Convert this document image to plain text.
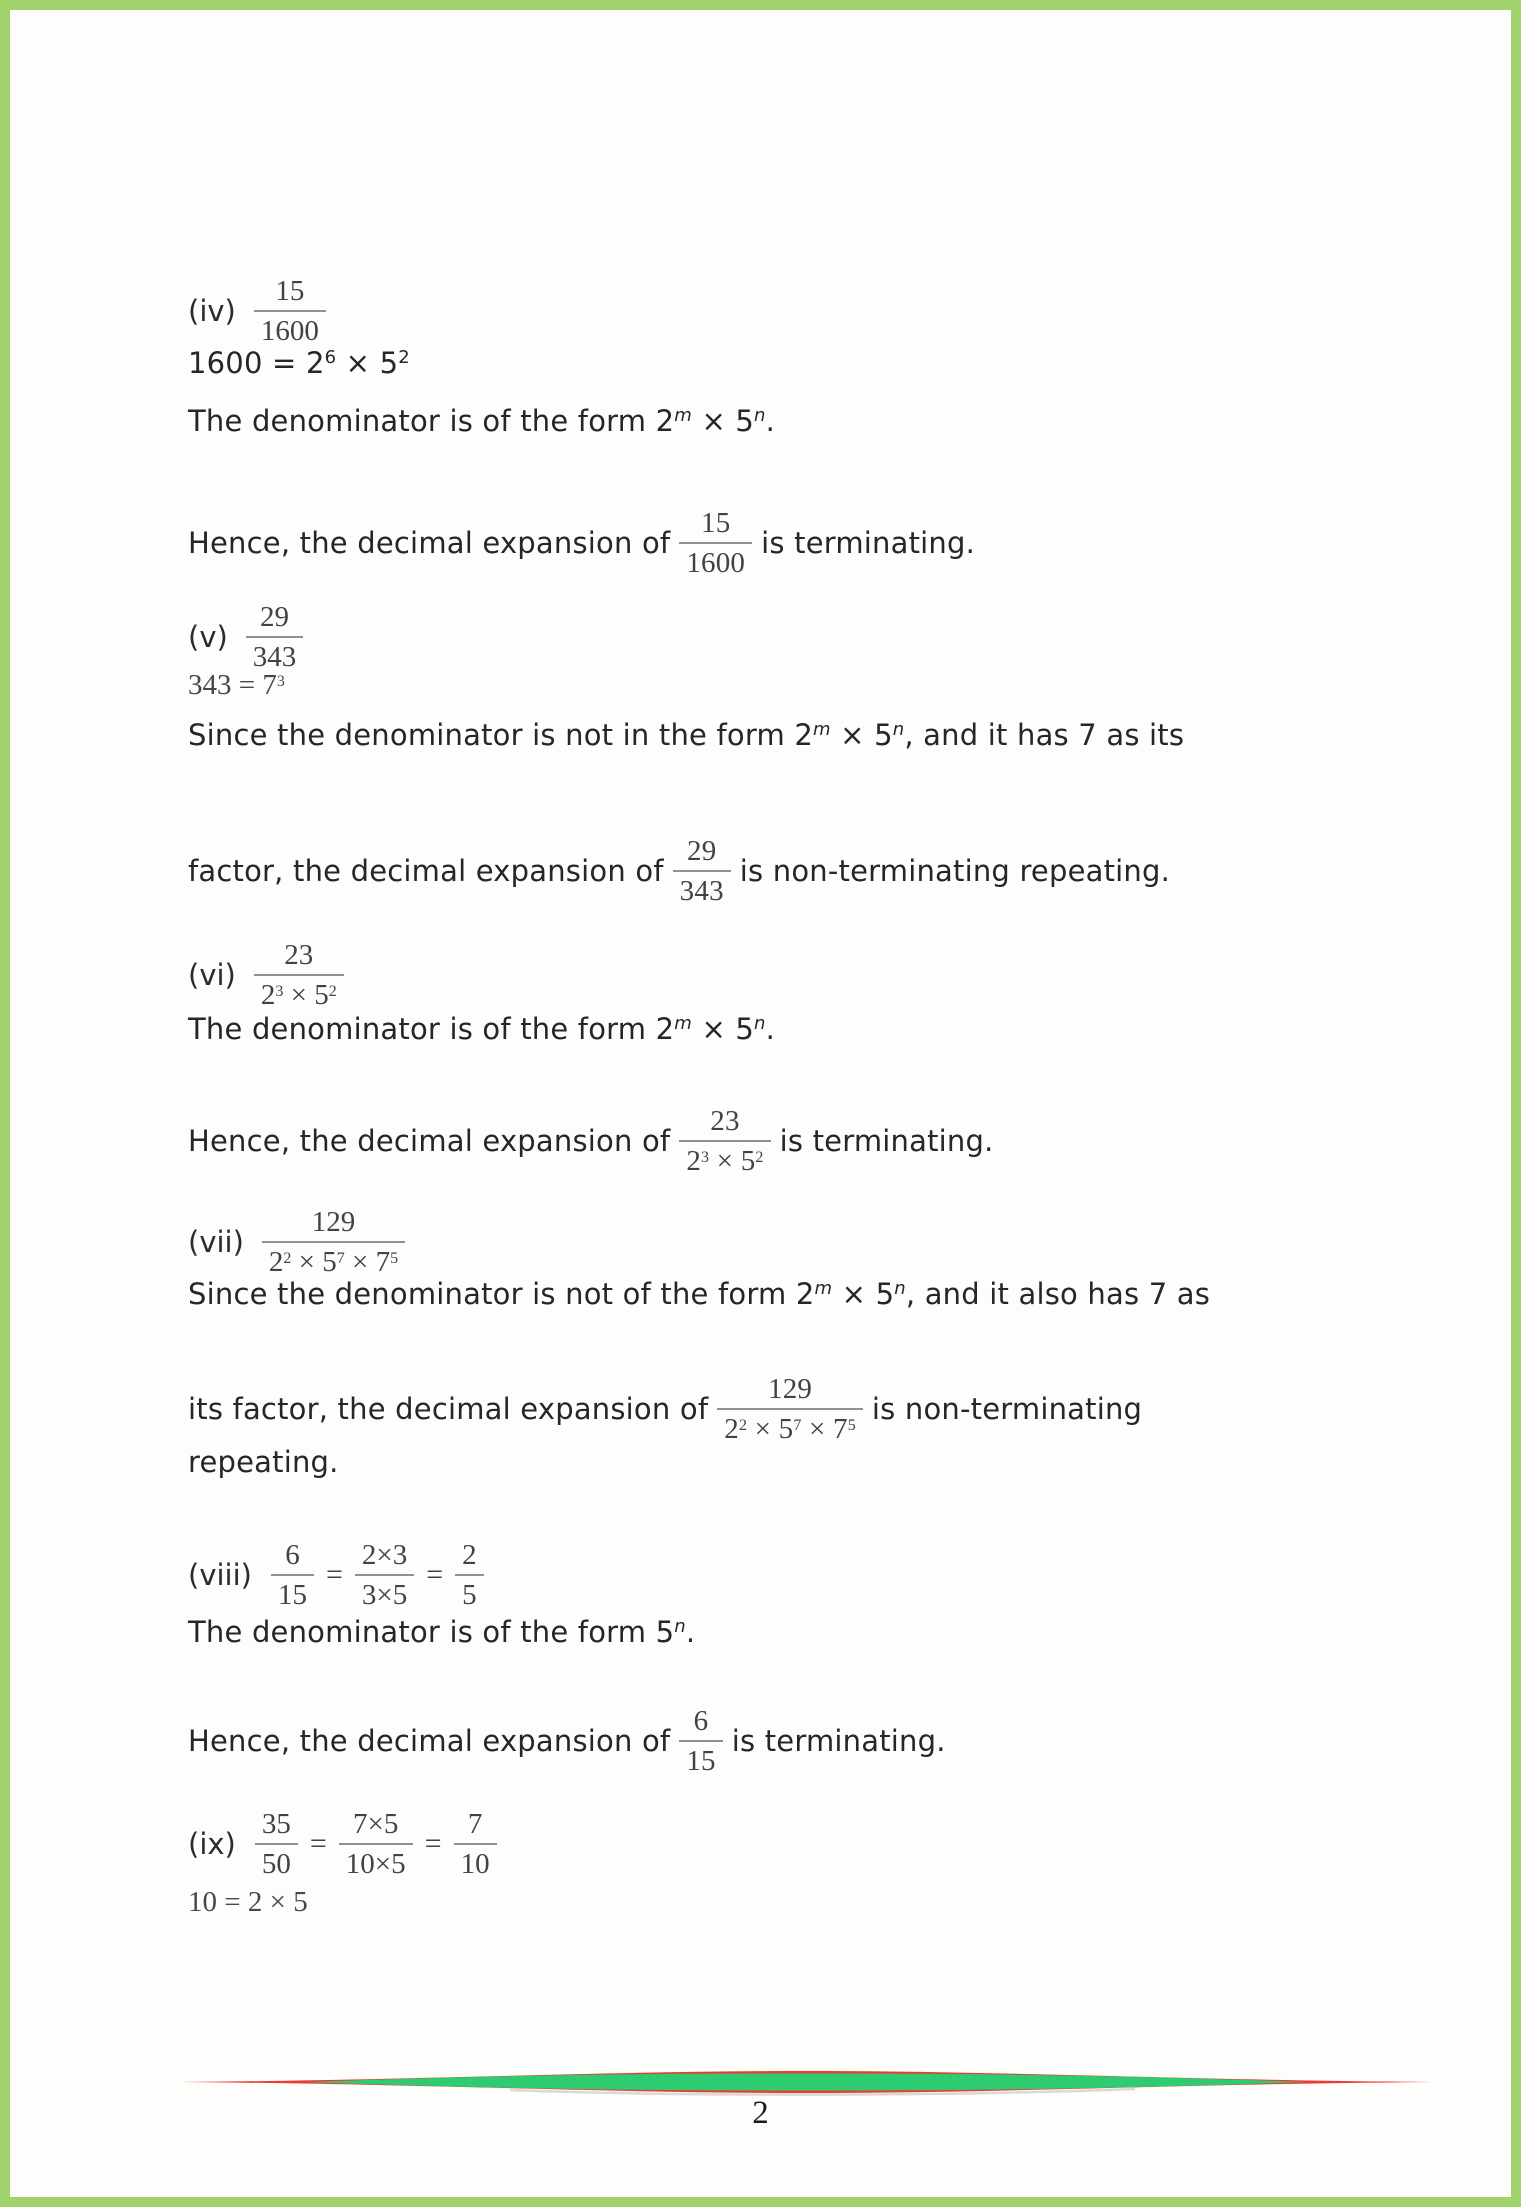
$(iv) \frac{15}{1600}$
$1600 = 2^6 \times 5^2$
The denominator is of the form $2^m \times 5^n$.
Hence, the decimal expansion of $\frac{15}{1600}$ is terminating.
$(v) \frac{29}{343}$
$343 = 7^3$
Since the denominator is not in the form $2^m \times 5^n$, and it has 7 as its
factor, the decimal expansion of $\frac{29}{343}$ is non-terminating repeating.
$(vi) \frac{23}{2^3 \times 5^2}$
The denominator is of the form $2^m \times 5^n$.
Hence, the decimal expansion of $\frac{23}{2^3 \times 5^2}$ is terminating.
$(vii) \frac{129}{2^2 \times 5^7 \times 7^5}$
Since the denominator is not of the form $2^m \times 5^n$, and it also has 7 as
its factor, the decimal expansion of $\frac{129}{2^2 \times 5^7 \times 7^5}$ is non-terminating
repeating.
(viii) $\frac{6}{15} = \frac{2\times 3}{3\times 5} = \frac{2}{5}$
The denominator is of the form 5$^n$.
Hence, the decimal expansion of $\frac{6}{15}$ is terminating.
$(ix) \frac{35}{50} = \frac{7\times 5}{10\times 5} = \frac{7}{10}$
10 = 2 × 5
2
